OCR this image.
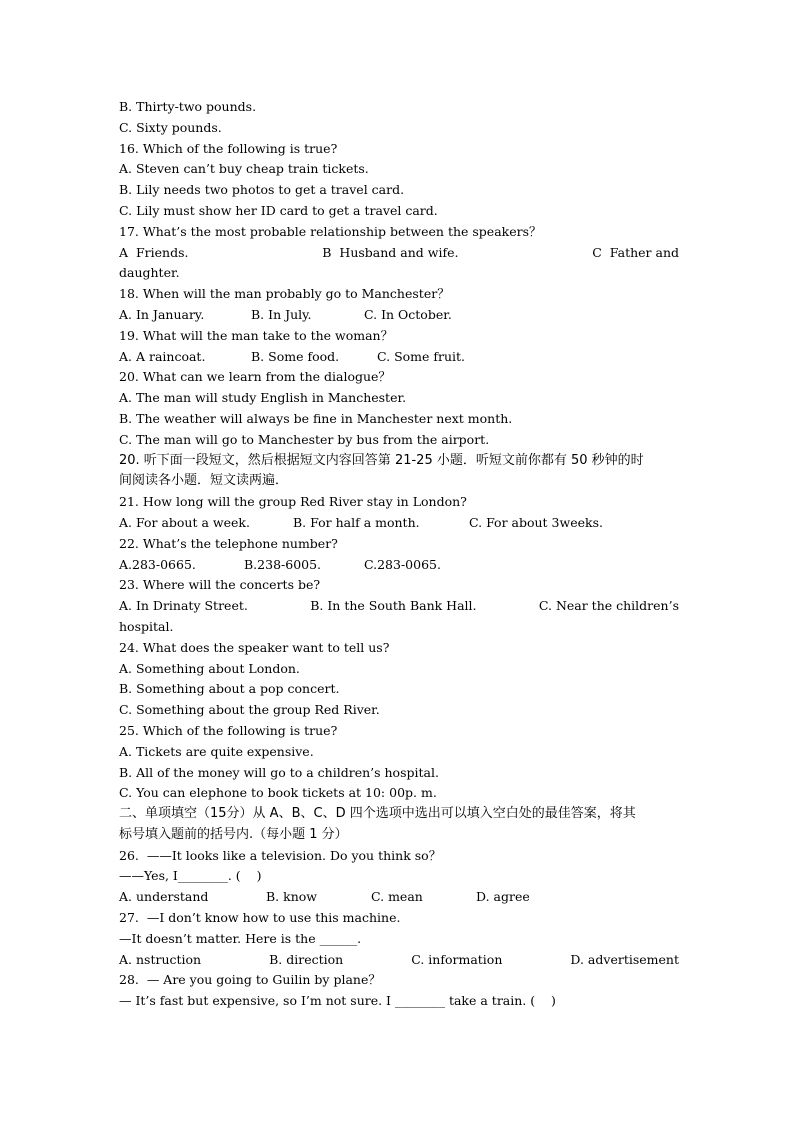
B. Thirty-two pounds.
C. Sixty pounds.
16. Which of the following is true?
A. Steven can’t buy cheap train tickets.
B. Lily needs two photos to get a travel card.
C. Lily must show her ID card to get a travel card.
17. What’s the most probable relationship between the speakers？
A  Friends.	B  Husband and wife.	C  Father and
daughter.
18. When will the man probably go to Manchester？
A. In January.	B. In July.	C. In October.
19. What will the man take to the woman？
A. A raincoat.	B. Some food.	C. Some fruit.
20. What can we learn from the dialogue？
A. The man will study English in Manchester.
B. The weather will always be fine in Manchester next month.
C. The man will go to Manchester by bus from the airport.
20. 听下面一段短文，然后根据短文内容回答第 21-25 小题．听短文前你都有 50 秒钟的时
间阅读各小题．短文读两遍．
21. How long will the group Red River stay in London?
A. For about a week.	B. For half a month.	C. For about 3weeks.
22. What’s the telephone number?
A.283-0665.	B.238-6005.	C.283-0065.
23. Where will the concerts be?
A. In Drinaty Street.	B. In the South Bank Hall.	C. Near the children’s
hospital.
24. What does the speaker want to tell us?
A. Something about London.
B. Something about a pop concert.
C. Something about the group Red River.
25. Which of the following is true?
A. Tickets are quite expensive.
B. All of the money will go to a children’s hospital.
C. You can elephone to book tickets at 10: 00p. m.
二、单项填空（15分）从 A、B、C、D 四个选项中选出可以填入空白处的最佳答案，将其
标号填入题前的括号内.（每小题 1 分）
26.  ——It looks like a television. Do you think so？
——Yes, I________. (    )
A. understand	B. know	C. mean	D. agree
27.  —I don’t know how to use this machine.
—It doesn’t matter. Here is the ______.
A. nstruction	B. direction	C. information	D. advertisement
28.  — Are you going to Guilin by plane？
— It’s fast but expensive, so I’m not sure. I ________ take a train. (    )
